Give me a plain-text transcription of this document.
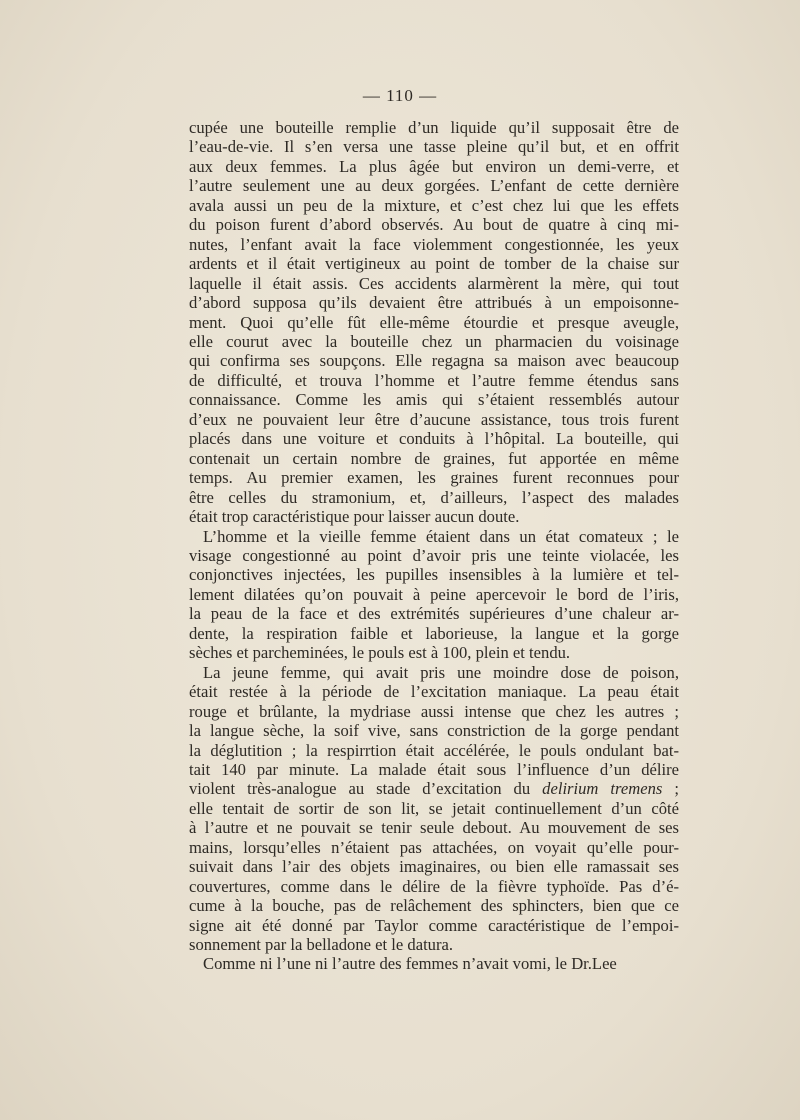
— 110 —

cupée une bouteille remplie d’un liquide qu’il supposait être de
l’eau-de-vie. Il s’en versa une tasse pleine qu’il but, et en offrit
aux deux femmes. La plus âgée but environ un demi-verre, et
l’autre seulement une au deux gorgées. L’enfant de cette dernière
avala aussi un peu de la mixture, et c’est chez lui que les effets
du poison furent d’abord observés. Au bout de quatre à cinq mi-
nutes, l’enfant avait la face violemment congestionnée, les yeux
ardents et il était vertigineux au point de tomber de la chaise sur
laquelle il était assis. Ces accidents alarmèrent la mère, qui tout
d’abord supposa qu’ils devaient être attribués à un empoisonne-
ment. Quoi qu’elle fût elle-même étourdie et presque aveugle,
elle courut avec la bouteille chez un pharmacien du voisinage
qui confirma ses soupçons. Elle regagna sa maison avec beaucoup
de difficulté, et trouva l’homme et l’autre femme étendus sans
connaissance. Comme les amis qui s’étaient ressemblés autour
d’eux ne pouvaient leur être d’aucune assistance, tous trois furent
placés dans une voiture et conduits à l’hôpital. La bouteille, qui
contenait un certain nombre de graines, fut apportée en même
temps. Au premier examen, les graines furent reconnues pour
être celles du stramonium, et, d’ailleurs, l’aspect des malades
était trop caractéristique pour laisser aucun doute.

L’homme et la vieille femme étaient dans un état comateux ; le
visage congestionné au point d’avoir pris une teinte violacée, les
conjonctives injectées, les pupilles insensibles à la lumière et tel-
lement dilatées qu’on pouvait à peine apercevoir le bord de l’iris,
la peau de la face et des extrémités supérieures d’une chaleur ar-
dente, la respiration faible et laborieuse, la langue et la gorge
sèches et parcheminées, le pouls est à 100, plein et tendu.

La jeune femme, qui avait pris une moindre dose de poison,
était restée à la période de l’excitation maniaque. La peau était
rouge et brûlante, la mydriase aussi intense que chez les autres ;
la langue sèche, la soif vive, sans constriction de la gorge pendant
la déglutition ; la respirrtion était accélérée, le pouls ondulant bat-
tait 140 par minute. La malade était sous l’influence d’un délire
violent très-analogue au stade d’excitation du delirium tremens ;
elle tentait de sortir de son lit, se jetait continuellement d’un côté
à l’autre et ne pouvait se tenir seule debout. Au mouvement de ses
mains, lorsqu’elles n’étaient pas attachées, on voyait qu’elle pour-
suivait dans l’air des objets imaginaires, ou bien elle ramassait ses
couvertures, comme dans le délire de la fièvre typhoïde. Pas d’é-
cume à la bouche, pas de relâchement des sphincters, bien que ce
signe ait été donné par Taylor comme caractéristique de l’empoi-
sonnement par la belladone et le datura.

Comme ni l’une ni l’autre des femmes n’avait vomi, le Dr.Lee
